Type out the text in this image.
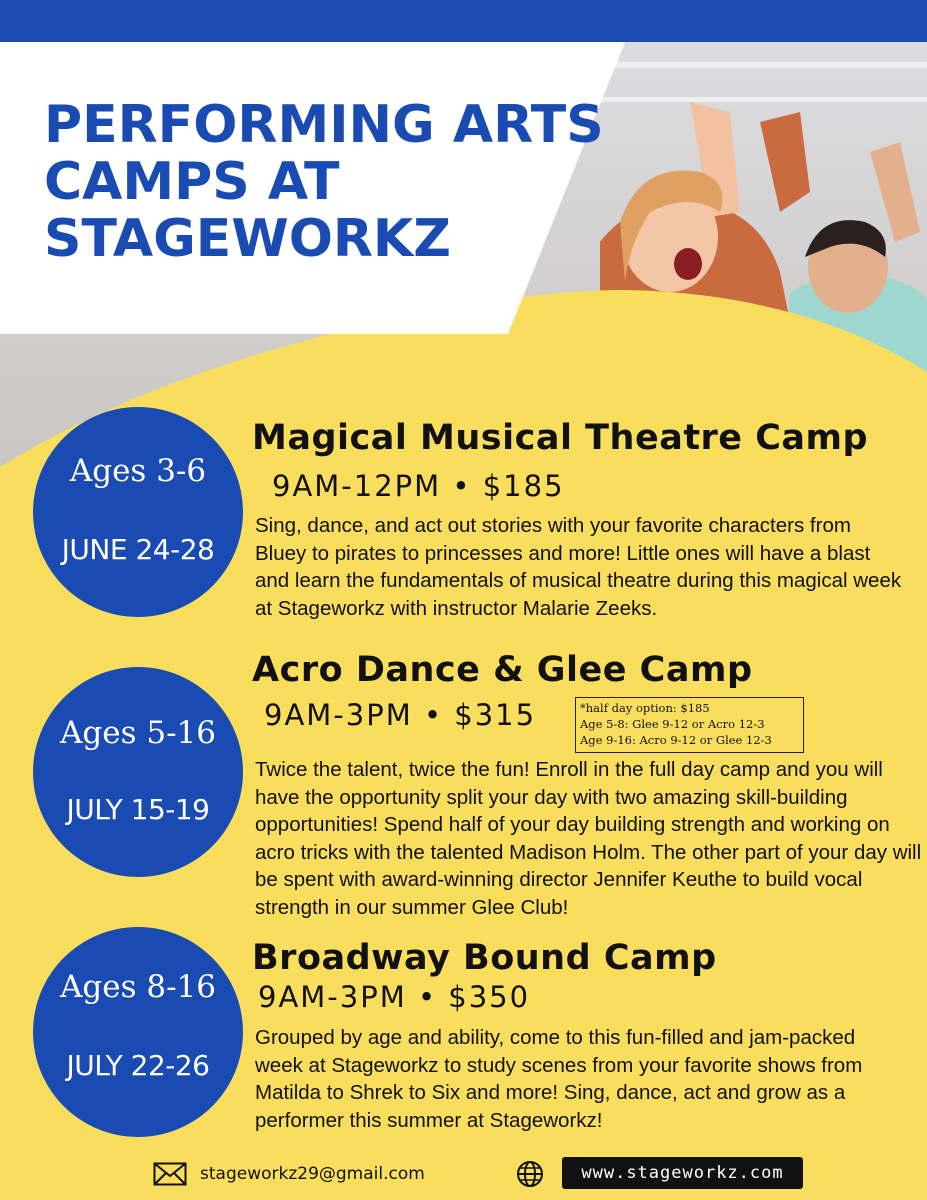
PERFORMING ARTS CAMPS AT STAGEWORKZ
Ages 3-6
JUNE 24-28
Magical Musical Theatre Camp
9AM-12PM • $185

Sing, dance, and act out stories with your favorite characters from Bluey to pirates to princesses and more! Little ones will have a blast and learn the fundamentals of musical theatre during this magical week at Stageworkz with instructor Malarie Zeeks.

Ages 5-16
JULY 15-19
Acro Dance & Glee Camp
9AM-3PM • $315	*half day option: $185
Age 5-8: Glee 9-12 or Acro 12-3
Age 9-16: Acro 9-12 or Glee 12-3

Twice the talent, twice the fun! Enroll in the full day camp and you will have the opportunity split your day with two amazing skill-building opportunities! Spend half of your day building strength and working on acro tricks with the talented Madison Holm. The other part of your day will be spent with award-winning director Jennifer Keuthe to build vocal strength in our summer Glee Club!

Ages 8-16
JULY 22-26
Broadway Bound Camp
9AM-3PM • $350

Grouped by age and ability, come to this fun-filled and jam-packed week at Stageworkz to study scenes from your favorite shows from Matilda to Shrek to Six and more! Sing, dance, act and grow as a performer this summer at Stageworkz!

stageworkz29@gmail.com	www.stageworkz.com
